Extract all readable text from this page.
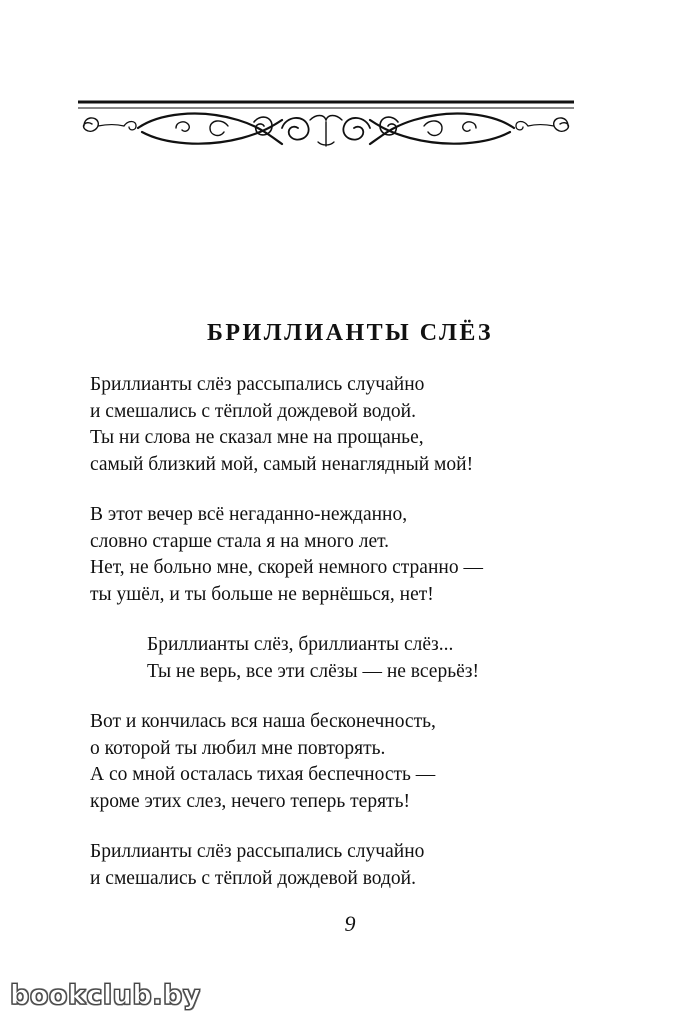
БРИЛЛИАНТЫ СЛЁЗ
Бриллианты слёз рассыпались случайно
и смешались с тёплой дождевой водой.
Ты ни слова не сказал мне на прощанье,
самый близкий мой, самый ненаглядный мой!
В этот вечер всё негаданно-нежданно,
словно старше стала я на много лет.
Нет, не больно мне, скорей немного странно —
ты ушёл, и ты больше не вернёшься, нет!
Бриллианты слёз, бриллианты слёз...
Ты не верь, все эти слёзы — не всерьёз!
Вот и кончилась вся наша бесконечность,
о которой ты любил мне повторять.
А со мной осталась тихая беспечность —
кроме этих слез, нечего теперь терять!
Бриллианты слёз рассыпались случайно
и смешались с тёплой дождевой водой.
9
bookclub.by
